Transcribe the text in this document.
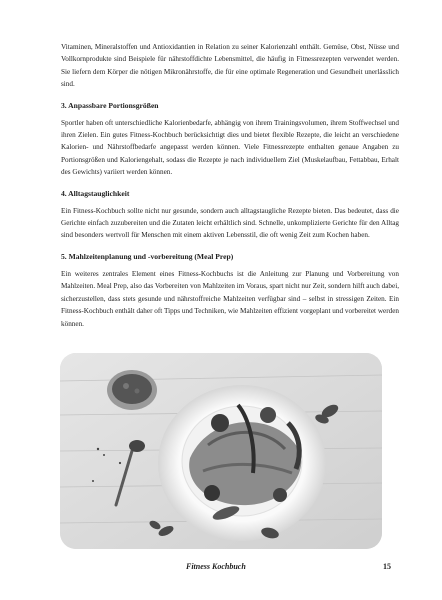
Vitaminen, Mineralstoffen und Antioxidantien in Relation zu seiner Kalorienzahl enthält. Gemüse, Obst, Nüsse und Vollkornprodukte sind Beispiele für nährstoffdichte Lebensmittel, die häufig in Fitnessrezepten verwendet werden. Sie liefern dem Körper die nötigen Mikronährstoffe, die für eine optimale Regeneration und Gesundheit unerlässlich sind.

3. Anpassbare Portionsgrößen

Sportler haben oft unterschiedliche Kalorienbedarfe, abhängig von ihrem Trainingsvolumen, ihrem Stoffwechsel und ihren Zielen. Ein gutes Fitness-Kochbuch berücksichtigt dies und bietet flexible Rezepte, die leicht an verschiedene Kalorien- und Nährstoffbedarfe angepasst werden können. Viele Fitnessrezepte enthalten genaue Angaben zu Portionsgrößen und Kaloriengehalt, sodass die Rezepte je nach individuellem Ziel (Muskelaufbau, Fettabbau, Erhalt des Gewichts) variiert werden können.

4. Alltagstauglichkeit

Ein Fitness-Kochbuch sollte nicht nur gesunde, sondern auch alltagstaugliche Rezepte bieten. Das bedeutet, dass die Gerichte einfach zuzubereiten und die Zutaten leicht erhältlich sind. Schnelle, unkomplizierte Gerichte für den Alltag sind besonders wertvoll für Menschen mit einem aktiven Lebensstil, die oft wenig Zeit zum Kochen haben.

5. Mahlzeitenplanung und -vorbereitung (Meal Prep)

Ein weiteres zentrales Element eines Fitness-Kochbuchs ist die Anleitung zur Planung und Vorbereitung von Mahlzeiten. Meal Prep, also das Vorbereiten von Mahlzeiten im Voraus, spart nicht nur Zeit, sondern hilft auch dabei, sicherzustellen, dass stets gesunde und nährstoffreiche Mahlzeiten verfügbar sind – selbst in stressigen Zeiten. Ein Fitness-Kochbuch enthält daher oft Tipps und Techniken, wie Mahlzeiten effizient vorgeplant und vorbereitet werden können.

Fitness Kochbuch	15
